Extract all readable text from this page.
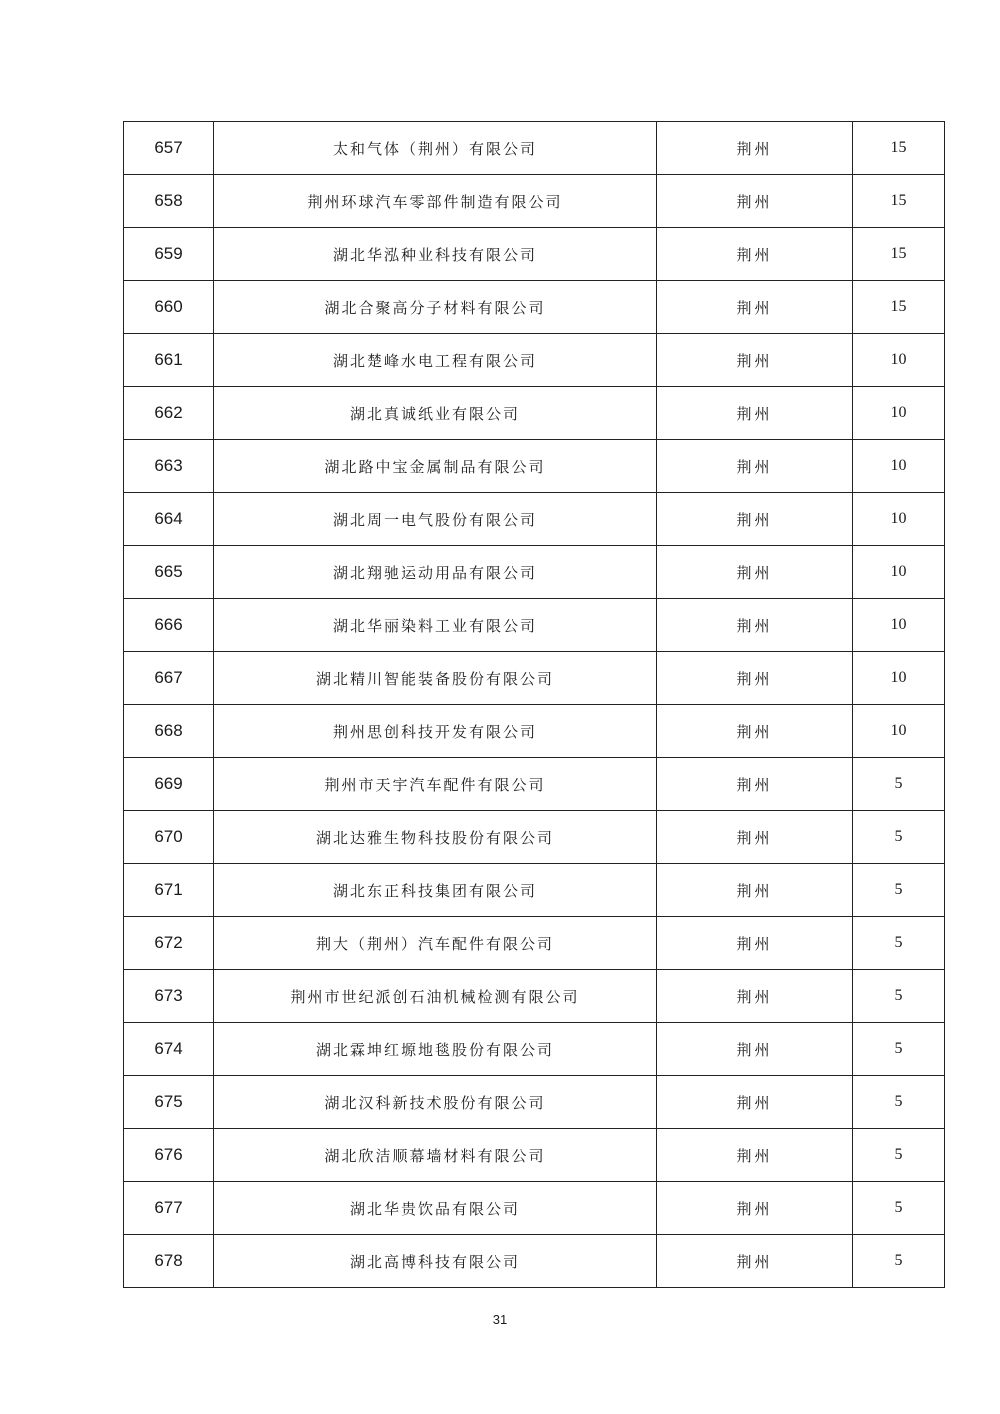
657	太和气体（荆州）有限公司	荆州	15
658	荆州环球汽车零部件制造有限公司	荆州	15
659	湖北华泓种业科技有限公司	荆州	15
660	湖北合聚高分子材料有限公司	荆州	15
661	湖北楚峰水电工程有限公司	荆州	10
662	湖北真诚纸业有限公司	荆州	10
663	湖北路中宝金属制品有限公司	荆州	10
664	湖北周一电气股份有限公司	荆州	10
665	湖北翔驰运动用品有限公司	荆州	10
666	湖北华丽染料工业有限公司	荆州	10
667	湖北精川智能装备股份有限公司	荆州	10
668	荆州思创科技开发有限公司	荆州	10
669	荆州市天宇汽车配件有限公司	荆州	5
670	湖北达雅生物科技股份有限公司	荆州	5
671	湖北东正科技集团有限公司	荆州	5
672	荆大（荆州）汽车配件有限公司	荆州	5
673	荆州市世纪派创石油机械检测有限公司	荆州	5
674	湖北霖坤红塬地毯股份有限公司	荆州	5
675	湖北汉科新技术股份有限公司	荆州	5
676	湖北欣洁顺幕墙材料有限公司	荆州	5
677	湖北华贵饮品有限公司	荆州	5
678	湖北高博科技有限公司	荆州	5
31
